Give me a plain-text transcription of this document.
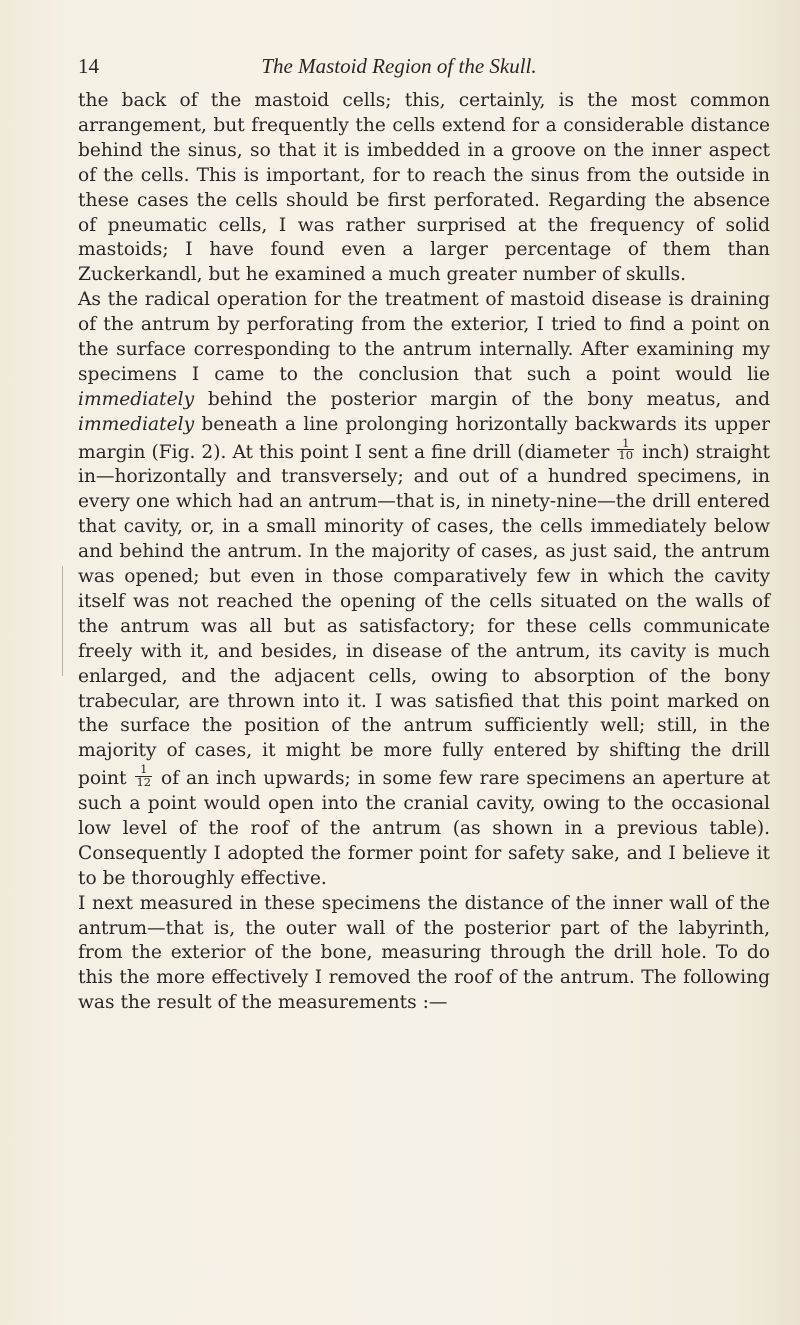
14	The Mastoid Region of the Skull.

the back of the mastoid cells; this, certainly, is the most common arrangement, but frequently the cells extend for a considerable distance behind the sinus, so that it is imbedded in a groove on the inner aspect of the cells. This is important, for to reach the sinus from the outside in these cases the cells should be first perforated. Regarding the absence of pneumatic cells, I was rather surprised at the frequency of solid mastoids; I have found even a larger percentage of them than Zuckerkandl, but he examined a much greater number of skulls.

As the radical operation for the treatment of mastoid disease is draining of the antrum by perforating from the exterior, I tried to find a point on the surface corresponding to the antrum internally. After examining my specimens I came to the conclusion that such a point would lie immediately behind the posterior margin of the bony meatus, and immediately beneath a line prolonging horizontally backwards its upper margin (Fig. 2). At this point I sent a fine drill (diameter $\frac{1}{10}$ inch) straight in—horizontally and transversely; and out of a hundred specimens, in every one which had an antrum—that is, in ninety-nine—the drill entered that cavity, or, in a small minority of cases, the cells immediately below and behind the antrum. In the majority of cases, as just said, the antrum was opened; but even in those comparatively few in which the cavity itself was not reached the opening of the cells situated on the walls of the antrum was all but as satisfactory; for these cells communicate freely with it, and besides, in disease of the antrum, its cavity is much enlarged, and the adjacent cells, owing to absorption of the bony trabecular, are thrown into it. I was satisfied that this point marked on the surface the position of the antrum sufficiently well; still, in the majority of cases, it might be more fully entered by shifting the drill point $\frac{1}{12}$ of an inch upwards; in some few rare specimens an aperture at such a point would open into the cranial cavity, owing to the occasional low level of the roof of the antrum (as shown in a previous table). Consequently I adopted the former point for safety sake, and I believe it to be thoroughly effective.

I next measured in these specimens the distance of the inner wall of the antrum—that is, the outer wall of the posterior part of the labyrinth, from the exterior of the bone, measuring through the drill hole. To do this the more effectively I removed the roof of the antrum. The following was the result of the measurements :—
